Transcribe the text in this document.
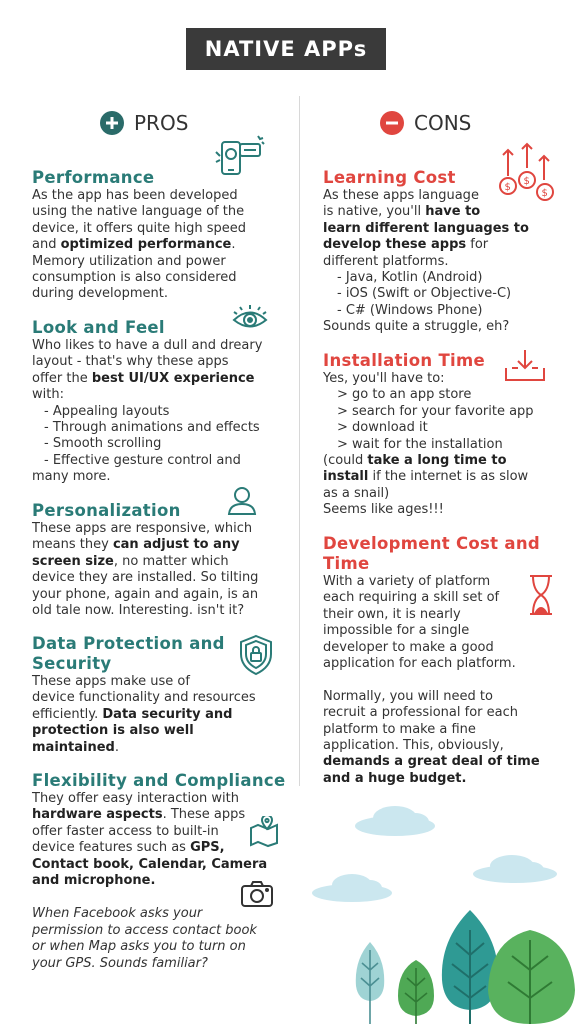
NATIVE APPs
PROS	CONS
Performance

As the app has been developed

using the native language of the

device, it offers quite high speed

and optimized performance.

Memory utilization and power

consumption is also considered

during development.

Look and Feel

Who likes to have a dull and dreary

layout - that's why these apps

offer the best UI/UX experience

with:

- Appealing layouts

- Through animations and effects

- Smooth scrolling

- Effective gesture control and

many more.

Personalization

These apps are responsive, which

means they can adjust to any

screen size, no matter which

device they are installed. So tilting

your phone, again and again, is an

old tale now. Interesting. isn't it?

Data Protection and
Security

These apps make use of

device functionality and resources

efficiently. Data security and

protection is also well

maintained.

Flexibility and Compliance

They offer easy interaction with

hardware aspects. These apps

offer faster access to built-in

device features such as GPS,

Contact book, Calendar, Camera

and microphone.

When Facebook asks your

permission to access contact book

or when Map asks you to turn on

your GPS. Sounds familiar?

Learning Cost

As these apps language

is native, you'll have to

learn different languages to

develop these apps for

different platforms.

- Java, Kotlin (Android)

- iOS (Swift or Objective-C)

- C# (Windows Phone)

Sounds quite a struggle, eh?

$
$
$
Installation Time

Yes, you'll have to:

> go to an app store

> search for your favorite app

> download it

> wait for the installation

(could take a long time to

install if the internet is as slow

as a snail)

Seems like ages!!!

Development Cost and
Time

With a variety of platform

each requiring a skill set of

their own, it is nearly

impossible for a single

developer to make a good

application for each platform.

Normally, you will need to

recruit a professional for each

platform to make a fine

application. This, obviously,

demands a great deal of time

and a huge budget.
